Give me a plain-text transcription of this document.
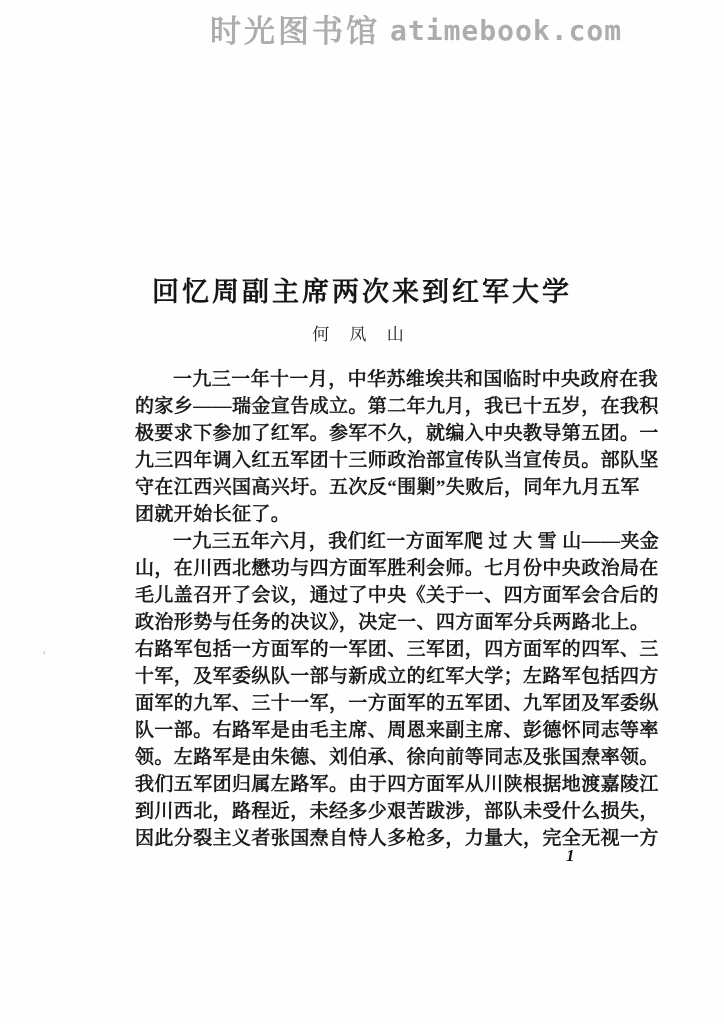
时光图书馆 atimebook.com
回忆周副主席两次来到红军大学
何 凤 山
’
一九三一年十一月，中华苏维埃共和国临时中央政府在我
的家乡——瑞金宣告成立。第二年九月，我已十五岁，在我积
极要求下参加了红军。参军不久，就编入中央教导第五团。一
九三四年调入红五军团十三师政治部宣传队当宣传员。部队坚
守在江西兴国高兴圩。五次反“围剿”失败后，同年九月五军
团就开始长征了。
一九三五年六月，我们红一方面军爬 过 大 雪 山——夹金
山，在川西北懋功与四方面军胜利会师。七月份中央政治局在
毛儿盖召开了会议，通过了中央《关于一、四方面军会合后的
政治形势与任务的决议》，决定一、四方面军分兵两路北上。
右路军包括一方面军的一军团、三军团，四方面军的四军、三
十军，及军委纵队一部与新成立的红军大学；左路军包括四方
面军的九军、三十一军，一方面军的五军团、九军团及军委纵
队一部。右路军是由毛主席、周恩来副主席、彭德怀同志等率
领。左路军是由朱德、刘伯承、徐向前等同志及张国焘率领。
我们五军团归属左路军。由于四方面军从川陕根据地渡嘉陵江
到川西北，路程近，未经多少艰苦跋涉，部队未受什么损失，
因此分裂主义者张国焘自恃人多枪多，力量大，完全无视一方
1
